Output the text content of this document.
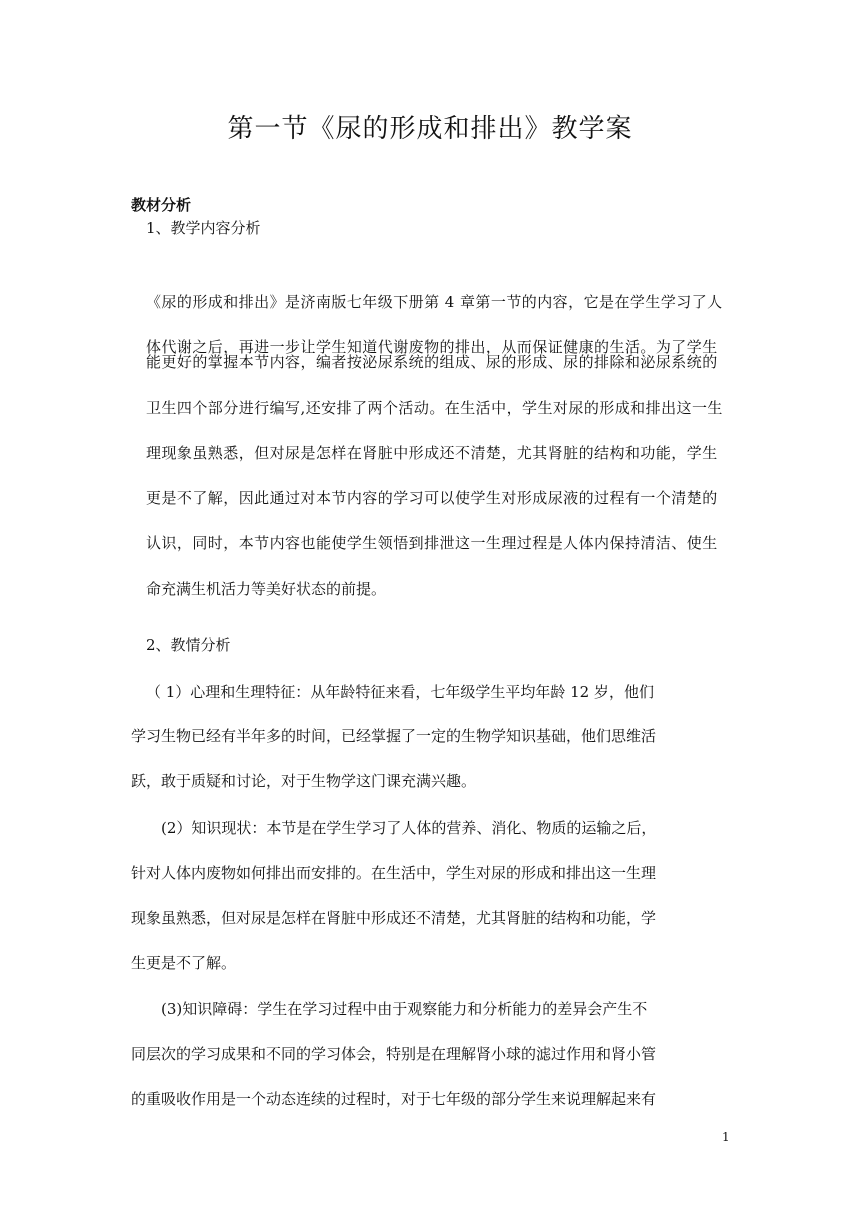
第一节《尿的形成和排出》教学案
教材分析
1、教学内容分析
《尿的形成和排出》是济南版七年级下册第 4 章第一节的内容，它是在学生学习了人
体代谢之后，再进一步让学生知道代谢废物的排出，从而保证健康的生活。为了学生
能更好的掌握本节内容，编者按泌尿系统的组成、尿的形成、尿的排除和泌尿系统的
卫生四个部分进行编写,还安排了两个活动。在生活中，学生对尿的形成和排出这一生
理现象虽熟悉，但对尿是怎样在肾脏中形成还不清楚，尤其肾脏的结构和功能，学生
更是不了解，因此通过对本节内容的学习可以使学生对形成尿液的过程有一个清楚的
认识，同时，本节内容也能使学生领悟到排泄这一生理过程是人体内保持清洁、使生
命充满生机活力等美好状态的前提。
2、教情分析
（ 1）心理和生理特征：从年龄特征来看，七年级学生平均年龄 12 岁，他们
学习生物已经有半年多的时间，已经掌握了一定的生物学知识基础，他们思维活
跃，敢于质疑和讨论，对于生物学这门课充满兴趣。
(2）知识现状：本节是在学生学习了人体的营养、消化、物质的运输之后，
针对人体内废物如何排出而安排的。在生活中，学生对尿的形成和排出这一生理
现象虽熟悉，但对尿是怎样在肾脏中形成还不清楚，尤其肾脏的结构和功能，学
生更是不了解。
(3)知识障碍：学生在学习过程中由于观察能力和分析能力的差异会产生不
同层次的学习成果和不同的学习体会，特别是在理解肾小球的滤过作用和肾小管
的重吸收作用是一个动态连续的过程时，对于七年级的部分学生来说理解起来有
1
